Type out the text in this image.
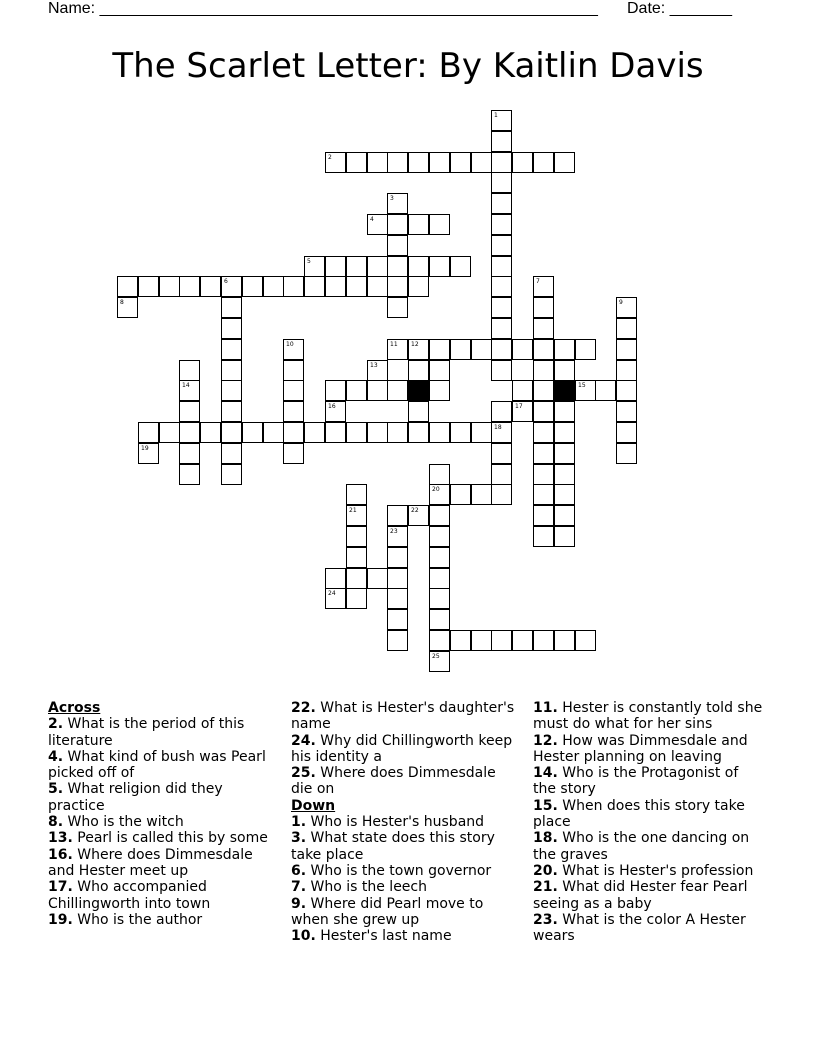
Name: ________________________________________________________ Date: _______
The Scarlet Letter: By Kaitlin Davis
1
2
3
4
5
6	7
9
10	11 12
14	15
18
20
25
21
23
8
13
16	17
19
22
24
Across
2. What is the period of this literature
4. What kind of bush was Pearl picked off of
5. What religion did they practice
8. Who is the witch
13. Pearl is called this by some
16. Where does Dimmesdale and Hester meet up
17. Who accompanied Chillingworth into town
19. Who is the author
22. What is Hester's daughter's name
24. Why did Chillingworth keep his identity a
25. Where does Dimmesdale die on
Down
1. Who is Hester's husband
3. What state does this story take place
6. Who is the town governor
7. Who is the leech
9. Where did Pearl move to when she grew up
10. Hester's last name
11. Hester is constantly told she must do what for her sins
12. How was Dimmesdale and Hester planning on leaving
14. Who is the Protagonist of the story
15. When does this story take place
18. Who is the one dancing on the graves
20. What is Hester's profession
21. What did Hester fear Pearl seeing as a baby
23. What is the color A Hester wears
